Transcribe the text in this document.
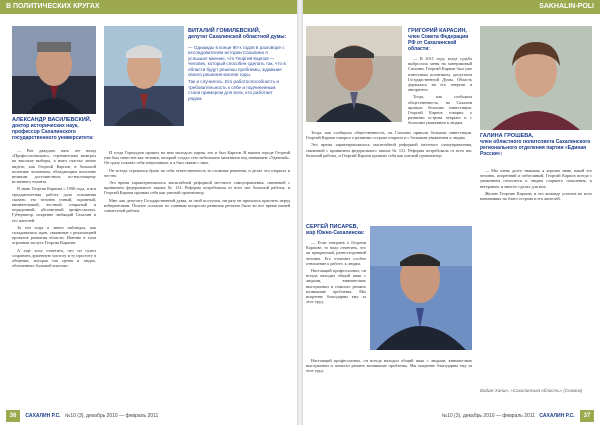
В ПОЛИТИЧЕСКИХ КРУГАХ
АЛЕКСАНДР ВАСИЛЕВСКИЙ,
доктор исторических наук, профессор Сахалинского государственного университета:

— Вот двадцать пять лет назад «Профессионально», стремительно выиграл на высокие выборы, я имел счастье лично видеть, как Георгий Карпов, в большой политике человеком, обладающим поистине великим достоинством, по-настоящему истинного таланта.

Я знаю Георгия Карпова с 1990 года, и вся тридцатилетняя работа дала основания сказать: это человек умный, скромный, внимательный, честный, открытый и порядочный, абсолютный профессионал. Губернатор, искренне любящий Сахалин и его жителей.

За эти годы я лично наблюдал, как складывались идеи, связанные с реализацией проектов развития области. Именно в этом огромная заслуга Георгия Карпова.

А еще хочу отметить, что он сумел сохранить душевную чистоту и ту простоту в общении, которая так ценна в людях, обличенных большой властью.

ВИТАЛИЙ ГОМИЛЕВСКИЙ,
депутат Сахалинской областной думы:

— Однажды в конце 90-х годов в разговоре с исследователем истории Сахалина я услышал мнение, что Георгий Карпов — человек, который способен сделать так, что в области будут решены проблемы, ждавшие своего решения многие годы.

Так и случилось. Его работоспособность и требовательность к себе и подчиненным стали примером для всех, кто работает рядом.

И тогда Горькуров прошел на нем молодого парня, это и был Карпов. В нашем городе Георгий уже был известен как человек, который создал сеть небольших магазинов под названием «Удачный». Он сразу показал себя энергичным, и я был связан с ним.

Он всегда стремился брать на себя ответственность за сложные решения, и делал это открыто и честно.

Это время характеризовалось масштабной реформой местного самоуправления, связанной с принятием федерального закона № 131. Реформа потребовала от всех нас большой работы, и Георгий Карпов проявил себя как умелый организатор.

Мне, как депутату Государственной думы, за свой поступок, ни разу не пришлось краснеть перед избирателями. Полное согласие по главным вопросам развития региона было во все время нашей совместной работы.

36 САХАЛИН Р.С. №10 (3), декабрь 2010 — февраль 2011
SAKHALIN-POLI
ГРИГОРИЙ КАРАСИН,
член Совета Федерации РФ от Сахалинской области:

— В 2011 году, когда судьба выбросила меня на материковый Сахалин, Георгий Карпов был уже известным политиком, депутатом Государственной Думы. Область держалась на его энергии и авторитете.

Тогда, как сообщила общественность, на Сахалин пришли большие инвестиции. Георгий Карпов говорил о развитии острова открыто и с большим уважением к людям.

Тогда, как сообщила общественность, на Сахалин пришли большие инвестиции. Георгий Карпов говорил о развитии острова открыто и с большим уважением к людям.

Это время характеризовалось масштабной реформой местного самоуправления, связанной с принятием федерального закона № 131. Реформа потребовала от всех нас большой работы, и Георгий Карпов проявил себя как умелый организатор.

СЕРГЕЙ ПИСАРЕВ,
мэр Южно-Сахалинска:

— Если говорить о Георгии Карпове, то надо отметить, что он прекрасный, разносторонний человек. Его отличает особое отношение к работе, к людям.

Настоящий профессионал, он всегда находил общий язык с людьми, внимательно выслушивал и помогал решить возникшие проблемы. Мы искренне благодарны ему за этот труд.

Настоящий профессионал, он всегда находил общий язык с людьми, внимательно выслушивал и помогал решить возникшие проблемы. Мы искренне благодарны ему за этот труд.

ГАЛИНА ГРОШЕВА,
член областного политсовета Сахалинского регионального отделения партии «Единая Россия»:

— Мы очень долго знакомы, я хорошо знаю, какой это человек, искренний и заботливый. Георгий Карпов всегда с уважением относится к людям старшего поколения, к ветеранам, и многое сделал для них.

Желаю Георгию Карпову и его команде успехов во всех начинаниях на благо острова и его жителей.

Вадим Ханин, «Сахалинская область» (Снимок)
№10 (3), декабрь 2010 — февраль 2011 САХАЛИН Р.С. 37
